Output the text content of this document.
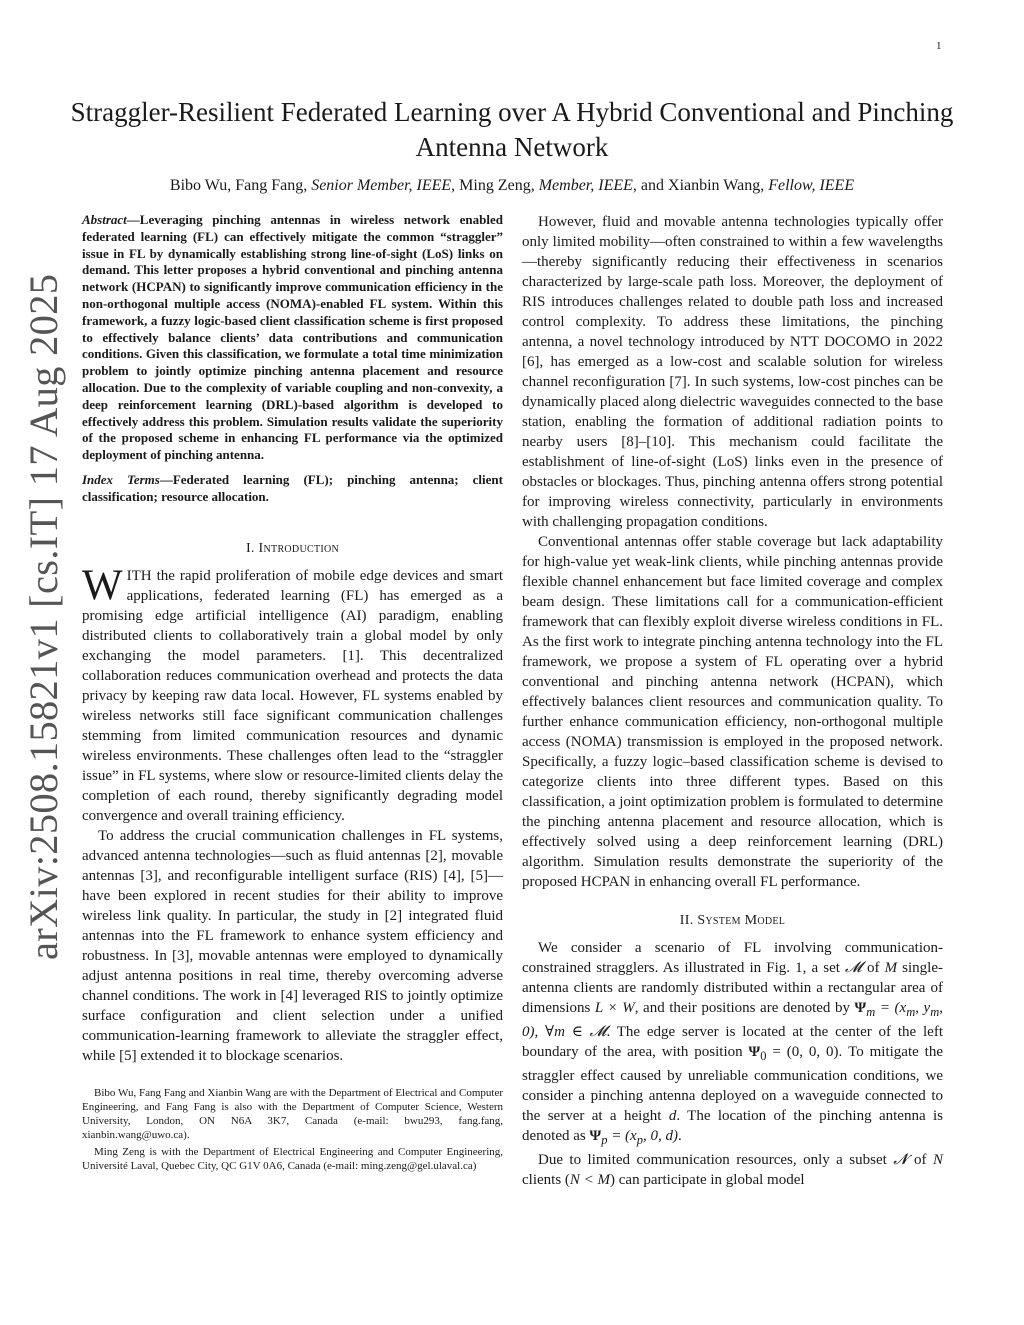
1
arXiv:2508.15821v1 [cs.IT] 17 Aug 2025
Straggler-Resilient Federated Learning over A Hybrid Conventional and Pinching Antenna Network
Bibo Wu, Fang Fang, Senior Member, IEEE, Ming Zeng, Member, IEEE, and Xianbin Wang, Fellow, IEEE

Abstract—Leveraging pinching antennas in wireless network enabled federated learning (FL) can effectively mitigate the common “straggler” issue in FL by dynamically establishing strong line-of-sight (LoS) links on demand. This letter proposes a hybrid conventional and pinching antenna network (HCPAN) to significantly improve communication efficiency in the non-orthogonal multiple access (NOMA)-enabled FL system. Within this framework, a fuzzy logic-based client classification scheme is first proposed to effectively balance clients’ data contributions and communication conditions. Given this classification, we formulate a total time minimization problem to jointly optimize pinching antenna placement and resource allocation. Due to the complexity of variable coupling and non-convexity, a deep reinforcement learning (DRL)-based algorithm is developed to effectively address this problem. Simulation results validate the superiority of the proposed scheme in enhancing FL performance via the optimized deployment of pinching antenna.

Index Terms—Federated learning (FL); pinching antenna; client classification; resource allocation.

I. Introduction

WITH the rapid proliferation of mobile edge devices and smart applications, federated learning (FL) has emerged as a promising edge artificial intelligence (AI) paradigm, enabling distributed clients to collaboratively train a global model by only exchanging the model parameters. [1]. This decentralized collaboration reduces communication overhead and protects the data privacy by keeping raw data local. However, FL systems enabled by wireless networks still face significant communication challenges stemming from limited communication resources and dynamic wireless environments. These challenges often lead to the “straggler issue” in FL systems, where slow or resource-limited clients delay the completion of each round, thereby significantly degrading model convergence and overall training efficiency.

To address the crucial communication challenges in FL systems, advanced antenna technologies—such as fluid antennas [2], movable antennas [3], and reconfigurable intelligent surface (RIS) [4], [5]—have been explored in recent studies for their ability to improve wireless link quality. In particular, the study in [2] integrated fluid antennas into the FL framework to enhance system efficiency and robustness. In [3], movable antennas were employed to dynamically adjust antenna positions in real time, thereby overcoming adverse channel conditions. The work in [4] leveraged RIS to jointly optimize surface configuration and client selection under a unified communication-learning framework to alleviate the straggler effect, while [5] extended it to blockage scenarios.

Bibo Wu, Fang Fang and Xianbin Wang are with the Department of Electrical and Computer Engineering, and Fang Fang is also with the Department of Computer Science, Western University, London, ON N6A 3K7, Canada (e-mail: bwu293, fang.fang, xianbin.wang@uwo.ca).

Ming Zeng is with the Department of Electrical Engineering and Computer Engineering, Université Laval, Quebec City, QC G1V 0A6, Canada (e-mail: ming.zeng@gel.ulaval.ca)

However, fluid and movable antenna technologies typically offer only limited mobility—often constrained to within a few wavelengths—thereby significantly reducing their effectiveness in scenarios characterized by large-scale path loss. Moreover, the deployment of RIS introduces challenges related to double path loss and increased control complexity. To address these limitations, the pinching antenna, a novel technology introduced by NTT DOCOMO in 2022 [6], has emerged as a low-cost and scalable solution for wireless channel reconfiguration [7]. In such systems, low-cost pinches can be dynamically placed along dielectric waveguides connected to the base station, enabling the formation of additional radiation points to nearby users [8]–[10]. This mechanism could facilitate the establishment of line-of-sight (LoS) links even in the presence of obstacles or blockages. Thus, pinching antenna offers strong potential for improving wireless connectivity, particularly in environments with challenging propagation conditions.

Conventional antennas offer stable coverage but lack adaptability for high-value yet weak-link clients, while pinching antennas provide flexible channel enhancement but face limited coverage and complex beam design. These limitations call for a communication-efficient framework that can flexibly exploit diverse wireless conditions in FL. As the first work to integrate pinching antenna technology into the FL framework, we propose a system of FL operating over a hybrid conventional and pinching antenna network (HCPAN), which effectively balances client resources and communication quality. To further enhance communication efficiency, non-orthogonal multiple access (NOMA) transmission is employed in the proposed network. Specifically, a fuzzy logic–based classification scheme is devised to categorize clients into three different types. Based on this classification, a joint optimization problem is formulated to determine the pinching antenna placement and resource allocation, which is effectively solved using a deep reinforcement learning (DRL) algorithm. Simulation results demonstrate the superiority of the proposed HCPAN in enhancing overall FL performance.

II. System Model

We consider a scenario of FL involving communication-constrained stragglers. As illustrated in Fig. 1, a set 𝓜 of M single-antenna clients are randomly distributed within a rectangular area of dimensions L × W, and their positions are denoted by $\Psi_m = (x_m$, $y_m$, 0), ∀m ∈ 𝓜. The edge server is located at the center of the left boundary of the area, with position $\Psi_0 = (0$, 0, 0). To mitigate the straggler effect caused by unreliable communication conditions, we consider a pinching antenna deployed on a waveguide connected to the server at a height d. The location of the pinching antenna is denoted as $\Psi_p = (x_p$, 0, d).

Due to limited communication resources, only a subset 𝓝 of N clients (N < M) can participate in global model
